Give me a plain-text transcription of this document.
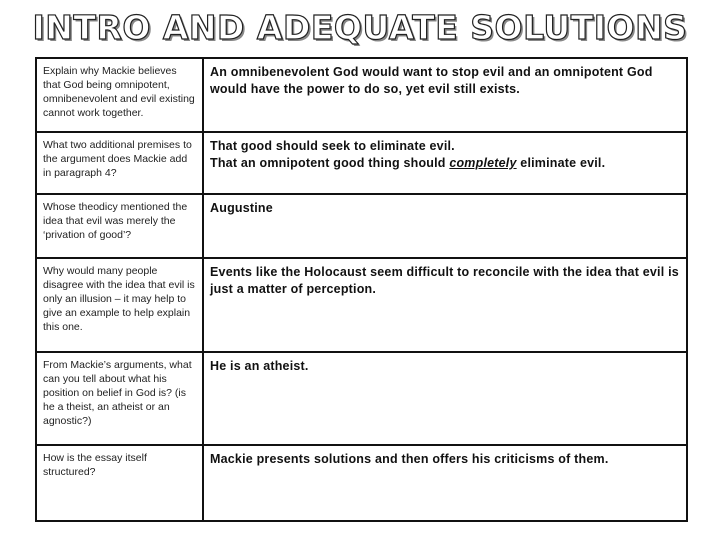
INTRO AND ADEQUATE SOLUTIONS
Explain why Mackie believes that God being omnipotent, omnibenevolent and evil existing cannot work together.	An omnibenevolent God would want to stop evil and an omnipotent God would have the power to do so, yet evil still exists.
What two additional premises to the argument does Mackie add in paragraph 4?	That good should seek to eliminate evil.
That an omnipotent good thing should completely eliminate evil.

Whose theodicy mentioned the idea that evil was merely the ‘privation of good’?	Augustine
Why would many people disagree with the idea that evil is only an illusion – it may help to give an example to help explain this one.	Events like the Holocaust seem difficult to reconcile with the idea that evil is just a matter of perception.
From Mackie’s arguments, what can you tell about what his position on belief in God is? (is he a theist, an atheist or an agnostic?)	He is an atheist.
How is the essay itself structured?	Mackie presents solutions and then offers his criticisms of them.
